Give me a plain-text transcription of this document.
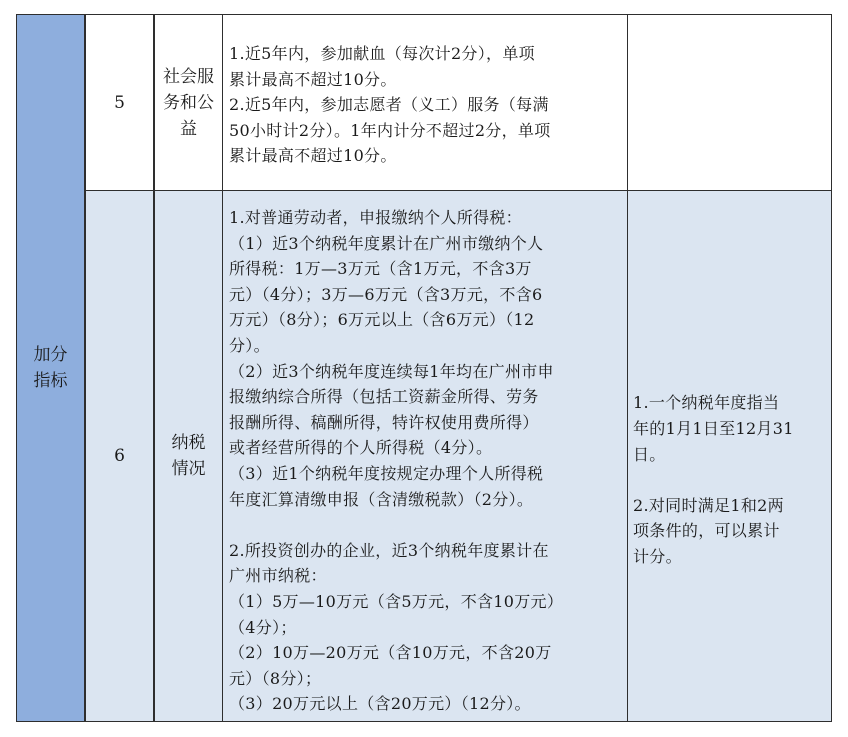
加分
指标
5
社会服
务和公
益
1.近5年内，参加献血（每次计2分），单项
累计最高不超过10分。
2.近5年内，参加志愿者（义工）服务（每满
50小时计2分）。1年内计分不超过2分，单项
累计最高不超过10分。
6
纳税
情况
1.对普通劳动者，申报缴纳个人所得税：
（1）近3个纳税年度累计在广州市缴纳个人
所得税：1万—3万元（含1万元，不含3万
元）（4分）；3万—6万元（含3万元，不含6
万元）（8分）；6万元以上（含6万元）（12
分）。
（2）近3个纳税年度连续每1年均在广州市申
报缴纳综合所得（包括工资薪金所得、劳务
报酬所得、稿酬所得，特许权使用费所得）
或者经营所得的个人所得税（4分）。
（3）近1个纳税年度按规定办理个人所得税
年度汇算清缴申报（含清缴税款）（2分）。
2.所投资创办的企业，近3个纳税年度累计在
广州市纳税：
（1）5万—10万元（含5万元，不含10万元）
（4分）；
（2）10万—20万元（含10万元，不含20万
元）（8分）；
（3）20万元以上（含20万元）（12分）。
1.一个纳税年度指当
年的1月1日至12月31
日。
2.对同时满足1和2两
项条件的，可以累计
计分。
